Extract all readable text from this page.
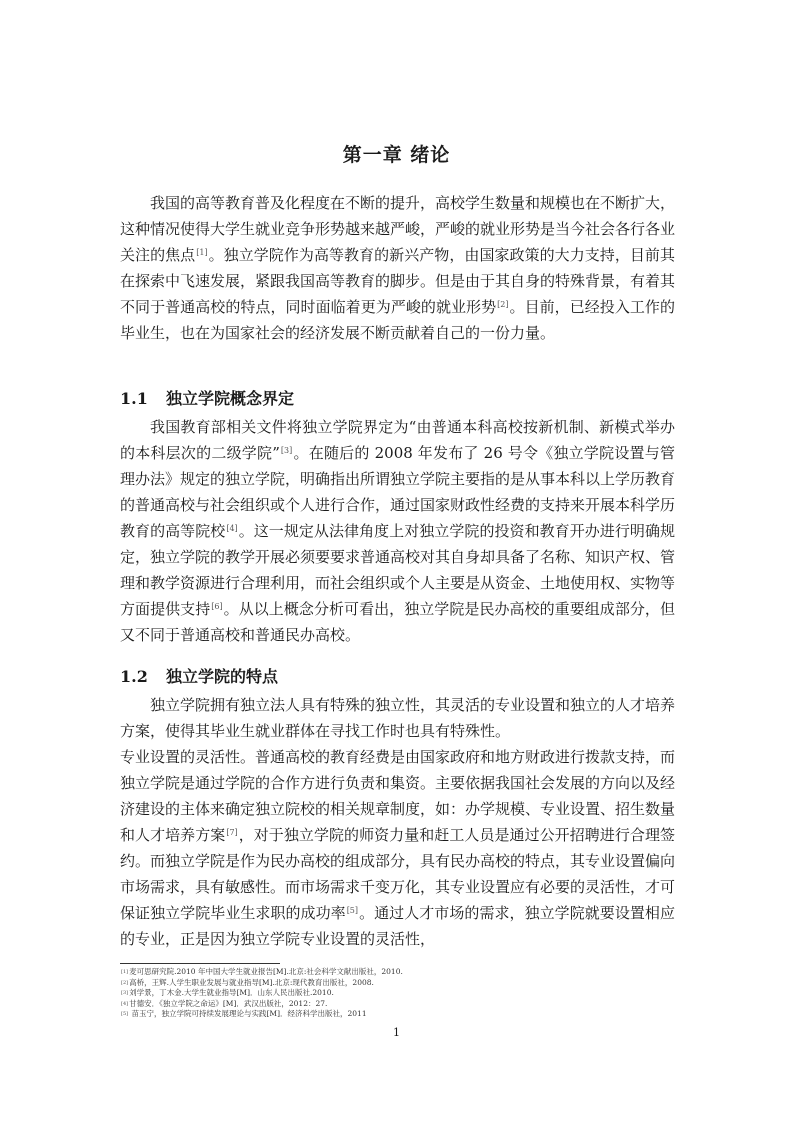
第一章 绪论

我国的高等教育普及化程度在不断的提升，高校学生数量和规模也在不断扩大，这种情况使得大学生就业竞争形势越来越严峻，严峻的就业形势是当今社会各行各业关注的焦点[1]。独立学院作为高等教育的新兴产物，由国家政策的大力支持，目前其在探索中飞速发展，紧跟我国高等教育的脚步。但是由于其自身的特殊背景，有着其不同于普通高校的特点，同时面临着更为严峻的就业形势[2]。目前，已经投入工作的毕业生，也在为国家社会的经济发展不断贡献着自己的一份力量。

1.1 独立学院概念界定

我国教育部相关文件将独立学院界定为“由普通本科高校按新机制、新模式举办的本科层次的二级学院”[3]。在随后的 2008 年发布了 26 号令《独立学院设置与管理办法》规定的独立学院，明确指出所谓独立学院主要指的是从事本科以上学历教育的普通高校与社会组织或个人进行合作，通过国家财政性经费的支持来开展本科学历教育的高等院校[4]。这一规定从法律角度上对独立学院的投资和教育开办进行明确规定，独立学院的教学开展必须要要求普通高校对其自身却具备了名称、知识产权、管理和教学资源进行合理利用，而社会组织或个人主要是从资金、土地使用权、实物等方面提供支持[6]。从以上概念分析可看出，独立学院是民办高校的重要组成部分，但又不同于普通高校和普通民办高校。

1.2 独立学院的特点

独立学院拥有独立法人具有特殊的独立性，其灵活的专业设置和独立的人才培养方案，使得其毕业生就业群体在寻找工作时也具有特殊性。

专业设置的灵活性。普通高校的教育经费是由国家政府和地方财政进行拨款支持，而独立学院是通过学院的合作方进行负责和集资。主要依据我国社会发展的方向以及经济建设的主体来确定独立院校的相关规章制度，如：办学规模、专业设置、招生数量和人才培养方案[7]，对于独立学院的师资力量和赶工人员是通过公开招聘进行合理签约。而独立学院是作为民办高校的组成部分，具有民办高校的特点，其专业设置偏向市场需求，具有敏感性。而市场需求千变万化，其专业设置应有必要的灵活性，才可保证独立学院毕业生求职的成功率[5]。通过人才市场的需求，独立学院就要设置相应的专业，正是因为独立学院专业设置的灵活性，

[1]麦可思研究院.2010 年中国大学生就业报告[M].北京:社会科学文献出版社，2010.
[2]高桥，王辉.人学生职业发展与就业指导[M].北京:现代教育出版社，2008.
[3]刘学景，丁木金.大学生就业指导[M]．山东人民出版社.2010.
[4]甘德安．《独立学院之命运》[M]．武汉出版社，2012：27.
[5] 苗玉宁，独立学院可持续发展理论与实践[M]．经济科学出版社，2011
1
